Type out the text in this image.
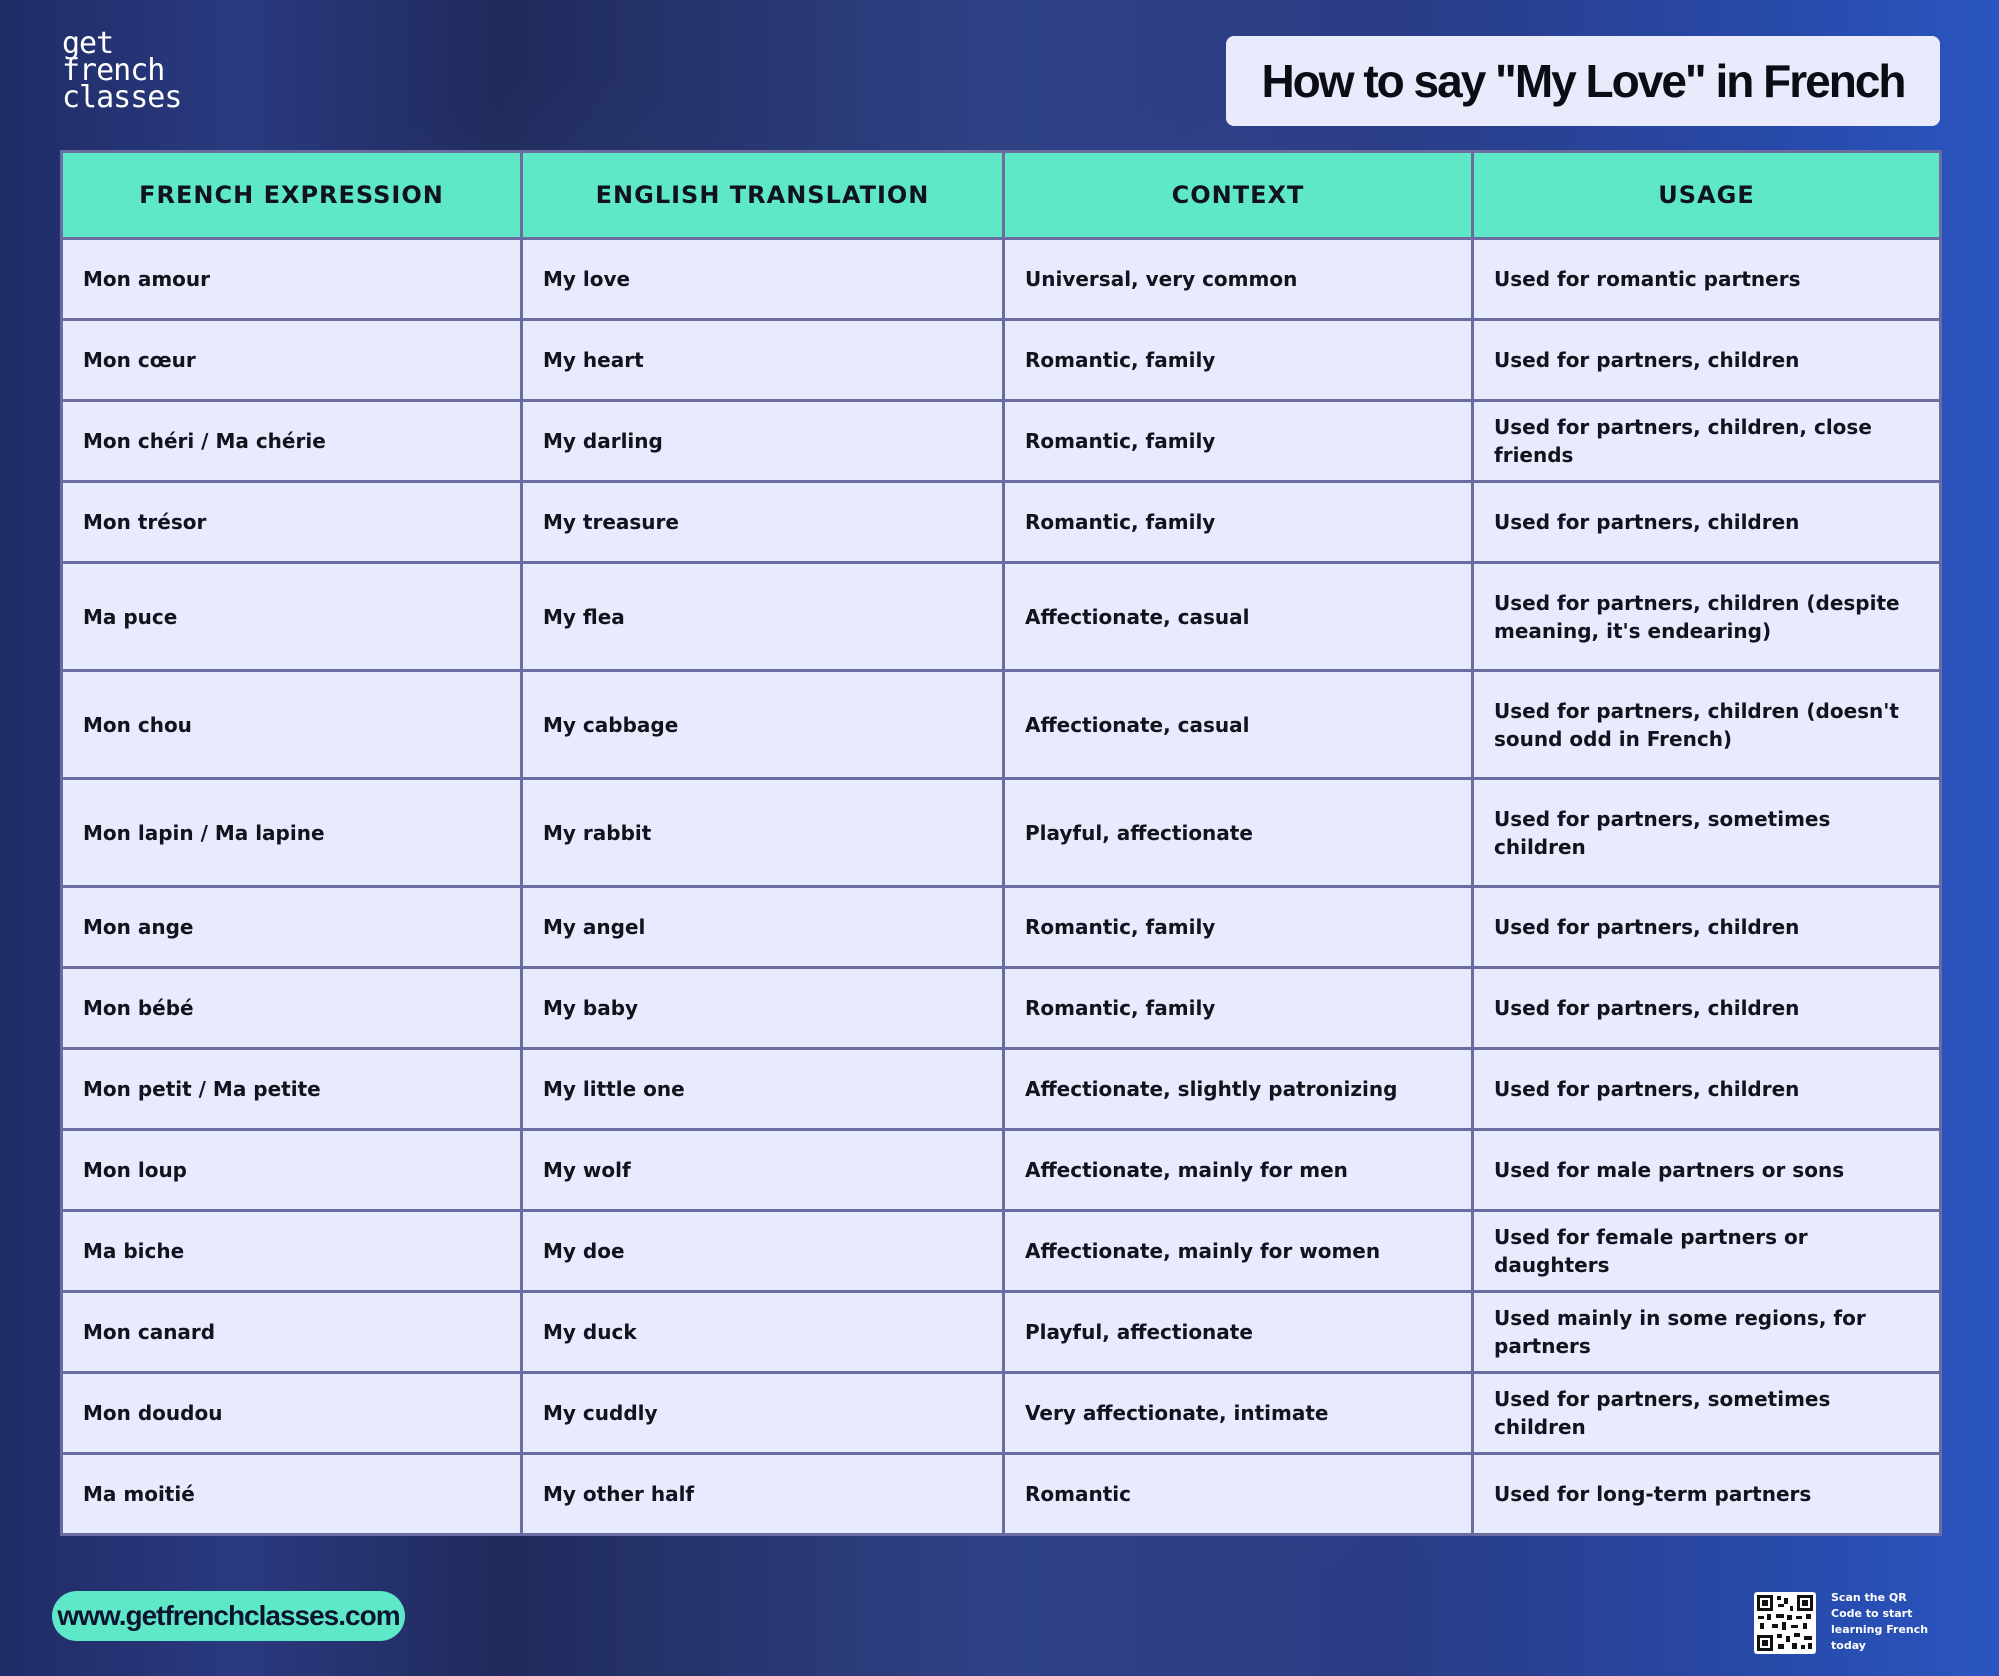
get
french
classes	How to say "My Love" in French
FRENCH EXPRESSION	ENGLISH TRANSLATION	CONTEXT	USAGE
Mon amour	My love	Universal, very common	Used for romantic partners
Mon cœur	My heart	Romantic, family	Used for partners, children
Mon chéri / Ma chérie	My darling	Romantic, family	Used for partners, children, close friends
Mon trésor	My treasure	Romantic, family	Used for partners, children
Ma puce	My flea	Affectionate, casual	Used for partners, children (despite meaning, it's endearing)
Mon chou	My cabbage	Affectionate, casual	Used for partners, children (doesn't sound odd in French)
Mon lapin / Ma lapine	My rabbit	Playful, affectionate	Used for partners, sometimes children
Mon ange	My angel	Romantic, family	Used for partners, children
Mon bébé	My baby	Romantic, family	Used for partners, children
Mon petit / Ma petite	My little one	Affectionate, slightly patronizing	Used for partners, children
Mon loup	My wolf	Affectionate, mainly for men	Used for male partners or sons
Ma biche	My doe	Affectionate, mainly for women	Used for female partners or daughters
Mon canard	My duck	Playful, affectionate	Used mainly in some regions, for partners
Mon doudou	My cuddly	Very affectionate, intimate	Used for partners, sometimes children
Ma moitié	My other half	Romantic	Used for long-term partners
www.getfrenchclasses.com
Scan the QR Code to start learning French today
